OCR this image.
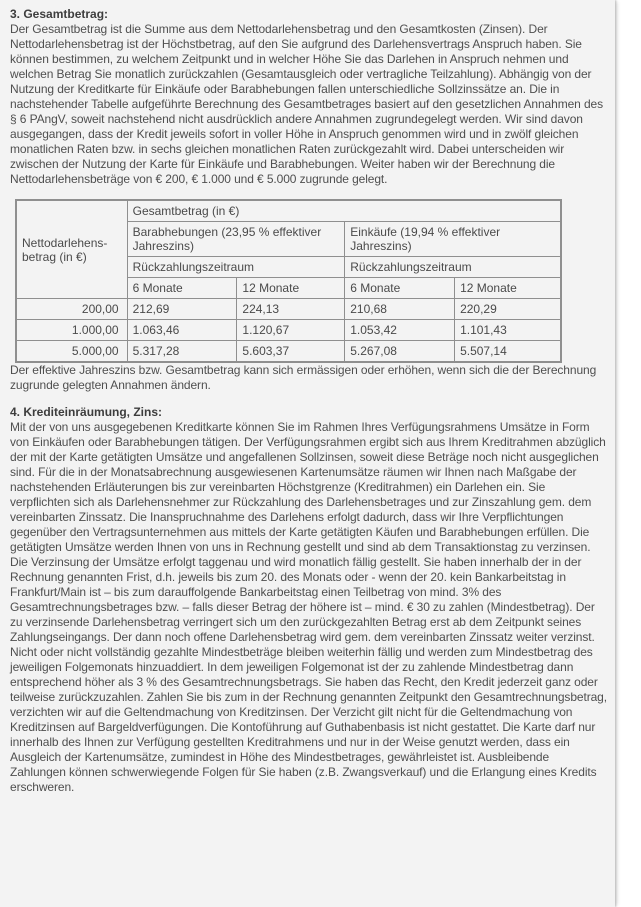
3. Gesamtbetrag:

Der Gesamtbetrag ist die Summe aus dem Nettodarlehensbetrag und den Gesamtkosten (Zinsen). Der Nettodarlehensbetrag ist der Höchstbetrag, auf den Sie aufgrund des Darlehensvertrags Anspruch haben. Sie können bestimmen, zu welchem Zeitpunkt und in welcher Höhe Sie das Darlehen in Anspruch nehmen und welchen Betrag Sie monatlich zurückzahlen (Gesamtausgleich oder vertragliche Teilzahlung). Abhängig von der Nutzung der Kreditkarte für Einkäufe oder Barabhebungen fallen unterschiedliche Sollzinssätze an. Die in nachstehender Tabelle aufgeführte Berechnung des Gesamtbetrages basiert auf den gesetzlichen Annahmen des § 6 PAngV, soweit nachstehend nicht ausdrücklich andere Annahmen zugrundegelegt werden. Wir sind davon ausgegangen, dass der Kredit jeweils sofort in voller Höhe in Anspruch genommen wird und in zwölf gleichen monatlichen Raten bzw. in sechs gleichen monatlichen Raten zurückgezahlt wird. Dabei unterscheiden wir zwischen der Nutzung der Karte für Einkäufe und Barabhebungen. Weiter haben wir der Berechnung die Nettodarlehensbeträge von € 200, € 1.000 und € 5.000 zugrunde gelegt.

Nettodarlehens-betrag (in €)	Gesamtbetrag (in €)			
	Barabhebungen (23,95 % effektiver Jahreszins)		Einkäufe (19,94 % effektiver Jahreszins)	
	Rückzahlungszeitraum		Rückzahlungszeitraum	
	6 Monate	12 Monate	6 Monate	12 Monate
200,00	212,69	224,13	210,68	220,29
1.000,00	1.063,46	1.120,67	1.053,42	1.101,43
5.000,00	5.317,28	5.603,37	5.267,08	5.507,14

Der effektive Jahreszins bzw. Gesamtbetrag kann sich ermässigen oder erhöhen, wenn sich die der Berechnung zugrunde gelegten Annahmen ändern.

4. Krediteinräumung, Zins:

Mit der von uns ausgegebenen Kreditkarte können Sie im Rahmen Ihres Verfügungsrahmens Umsätze in Form von Einkäufen oder Barabhebungen tätigen. Der Verfügungsrahmen ergibt sich aus Ihrem Kreditrahmen abzüglich der mit der Karte getätigten Umsätze und angefallenen Sollzinsen, soweit diese Beträge noch nicht ausgeglichen sind. Für die in der Monatsabrechnung ausgewiesenen Kartenumsätze räumen wir Ihnen nach Maßgabe der nachstehenden Erläuterungen bis zur vereinbarten Höchstgrenze (Kreditrahmen) ein Darlehen ein. Sie verpflichten sich als Darlehensnehmer zur Rückzahlung des Darlehensbetrages und zur Zinszahlung gem. dem vereinbarten Zinssatz. Die Inanspruchnahme des Darlehens erfolgt dadurch, dass wir Ihre Verpflichtungen gegenüber den Vertragsunternehmen aus mittels der Karte getätigten Käufen und Barabhebungen erfüllen. Die getätigten Umsätze werden Ihnen von uns in Rechnung gestellt und sind ab dem Transaktionstag zu verzinsen. Die Verzinsung der Umsätze erfolgt taggenau und wird monatlich fällig gestellt. Sie haben innerhalb der in der Rechnung genannten Frist, d.h. jeweils bis zum 20. des Monats oder - wenn der 20. kein Bankarbeitstag in Frankfurt/Main ist – bis zum darauffolgende Bankarbeitstag einen Teilbetrag von mind. 3% des Gesamtrechnungsbetrages bzw. – falls dieser Betrag der höhere ist – mind. € 30 zu zahlen (Mindestbetrag). Der zu verzinsende Darlehensbetrag verringert sich um den zurückgezahlten Betrag erst ab dem Zeitpunkt seines Zahlungseingangs. Der dann noch offene Darlehensbetrag wird gem. dem vereinbarten Zinssatz weiter verzinst. Nicht oder nicht vollständig gezahlte Mindestbeträge bleiben weiterhin fällig und werden zum Mindestbetrag des jeweiligen Folgemonats hinzuaddiert. In dem jeweiligen Folgemonat ist der zu zahlende Mindestbetrag dann entsprechend höher als 3 % des Gesamtrechnungsbetrags. Sie haben das Recht, den Kredit jederzeit ganz oder teilweise zurückzuzahlen. Zahlen Sie bis zum in der Rechnung genannten Zeitpunkt den Gesamtrechnungsbetrag, verzichten wir auf die Geltendmachung von Kreditzinsen. Der Verzicht gilt nicht für die Geltendmachung von Kreditzinsen auf Bargeldverfügungen. Die Kontoführung auf Guthabenbasis ist nicht gestattet. Die Karte darf nur innerhalb des Ihnen zur Verfügung gestellten Kreditrahmens und nur in der Weise genutzt werden, dass ein Ausgleich der Kartenumsätze, zumindest in Höhe des Mindestbetrages, gewährleistet ist. Ausbleibende Zahlungen können schwerwiegende Folgen für Sie haben (z.B. Zwangsverkauf) und die Erlangung eines Kredits erschweren.
